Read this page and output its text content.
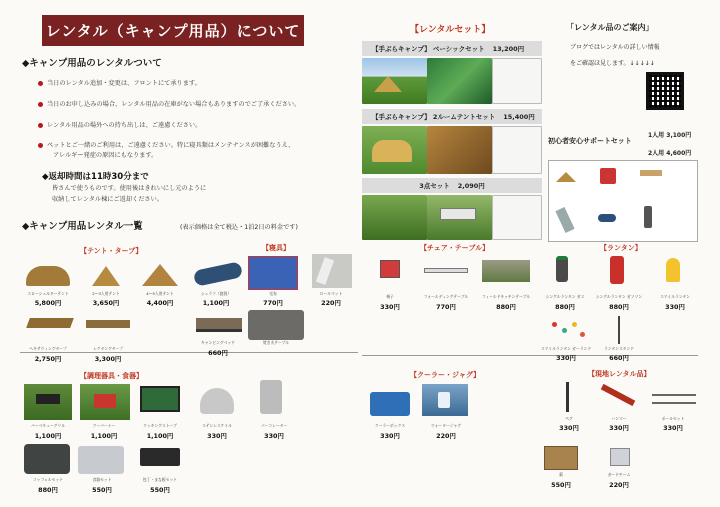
レンタル（キャンプ用品）について
◆キャンプ用品のレンタルついて
当日のレンタル追加・変更は、フロントにて承ります。
当日のお申し込みの場合、レンタル用品の在庫がない場合もありますのでご了承ください。
レンタル用品の場外への持ち出しは、ご遠慮ください。
ペットとご一緒のご利用は、ご遠慮ください。特に寝具類はメンテナンスが困難なうえ、
アレルギー発症の原因にもなります。
◆返却時間は11時30分まで
皆さんで使うものです。使用後はきれいにし元のように
収納してレンタル棟にご返却ください。
◆キャンプ用品レンタル一覧	(表示価格は全て税込・1泊2日の料金です)
【レンタルセット】
【手ぶらキャンプ】 ベーシックセット 13,200円
【手ぶらキャンプ】 2ルームテントセット 15,400円
3点セット 2,090円
「レンタル品のご案内」
ブログではレンタルの詳しい情報
をご確認ほ見します。↓↓↓↓↓
初心者安心サポートセット
1人用 3,100円
2人用 4,600円
【テント・タープ】	【寝具】	【チェア・テーブル】	【ランタン】
【調理器具・食器】	【クーラー・ジャグ】	【現地レンタル品】
スローシェルターテント
5,800円
2〜3人用テント
3,650円
4〜5人用テント
4,400円
シュラフ（寝袋）
1,100円
毛布
770円
ロールマット
220円
ヘキサウィングタープ
2,750円
レクタングタープ
3,300円
キャンピングベッド
660円
焚き火テーブル
椅子
330円
フォールディングテーブル
770円
フィールドキッチンテーブル
880円
シングルランタン ガス
880円
シングルランタン ガソリン
880円
スマイルランタン
330円
スマイルランタン ガーランド
330円
ランタンスタンド
660円
バーベキューグリル
1,100円
ツーバーナー
1,100円
クッキングストーブ
1,100円
ステンレスケトル
330円
パーコレーター
330円
コッフェルセット
880円
食器セット
550円
包丁・まな板セット
550円
クーラーボックス
330円
ウォータージャグ
220円
ペグ
330円
ハンマー
330円
ポールセット
330円
薪
550円
ガードチーム
220円
